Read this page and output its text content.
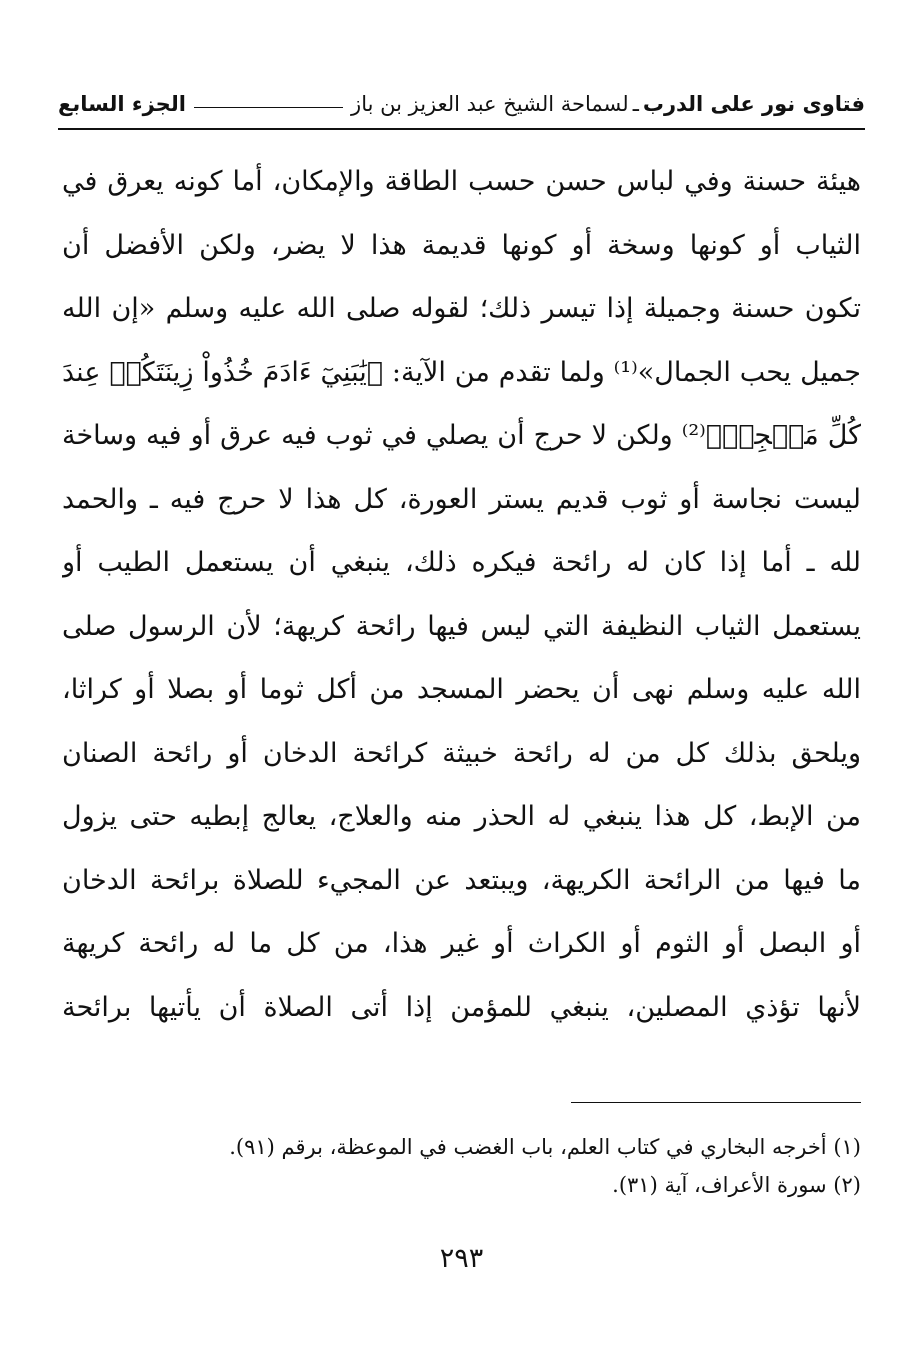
فتاوى نور على الدرب
ـ
لسماحة الشيخ عبد العزيز بن باز
الجزء السابع
هيئة حسنة وفي لباس حسن حسب الطاقة والإمكان، أما كونه يعرق في
الثياب أو كونها وسخة أو كونها قديمة هذا لا يضر، ولكن الأفضل أن
تكون حسنة وجميلة إذا تيسر ذلك؛ لقوله صلى الله عليه وسلم «إن الله
جميل يحب الجمال»⁽¹⁾ ولما تقدم من الآية: ﴿يَٰبَنِيٓ ءَادَمَ خُذُواْ زِينَتَكُمۡ عِندَ
كُلِّ مَسۡجِدٖ﴾⁽²⁾ ولكن لا حرج أن يصلي في ثوب فيه عرق أو فيه وساخة
ليست نجاسة أو ثوب قديم يستر العورة، كل هذا لا حرج فيه ـ والحمد
لله ـ أما إذا كان له رائحة فيكره ذلك، ينبغي أن يستعمل الطيب أو
يستعمل الثياب النظيفة التي ليس فيها رائحة كريهة؛ لأن الرسول صلى
الله عليه وسلم نهى أن يحضر المسجد من أكل ثوما أو بصلا أو كراثا،
ويلحق بذلك كل من له رائحة خبيثة كرائحة الدخان أو رائحة الصنان
من الإبط، كل هذا ينبغي له الحذر منه والعلاج، يعالج إبطيه حتى يزول
ما فيها من الرائحة الكريهة، ويبتعد عن المجيء للصلاة برائحة الدخان
أو البصل أو الثوم أو الكراث أو غير هذا، من كل ما له رائحة كريهة
لأنها تؤذي المصلين، ينبغي للمؤمن إذا أتى الصلاة أن يأتيها برائحة
(١) أخرجه البخاري في كتاب العلم، باب الغضب في الموعظة، برقم (٩١).
(٢) سورة الأعراف، آية (٣١).
٢٩٣
